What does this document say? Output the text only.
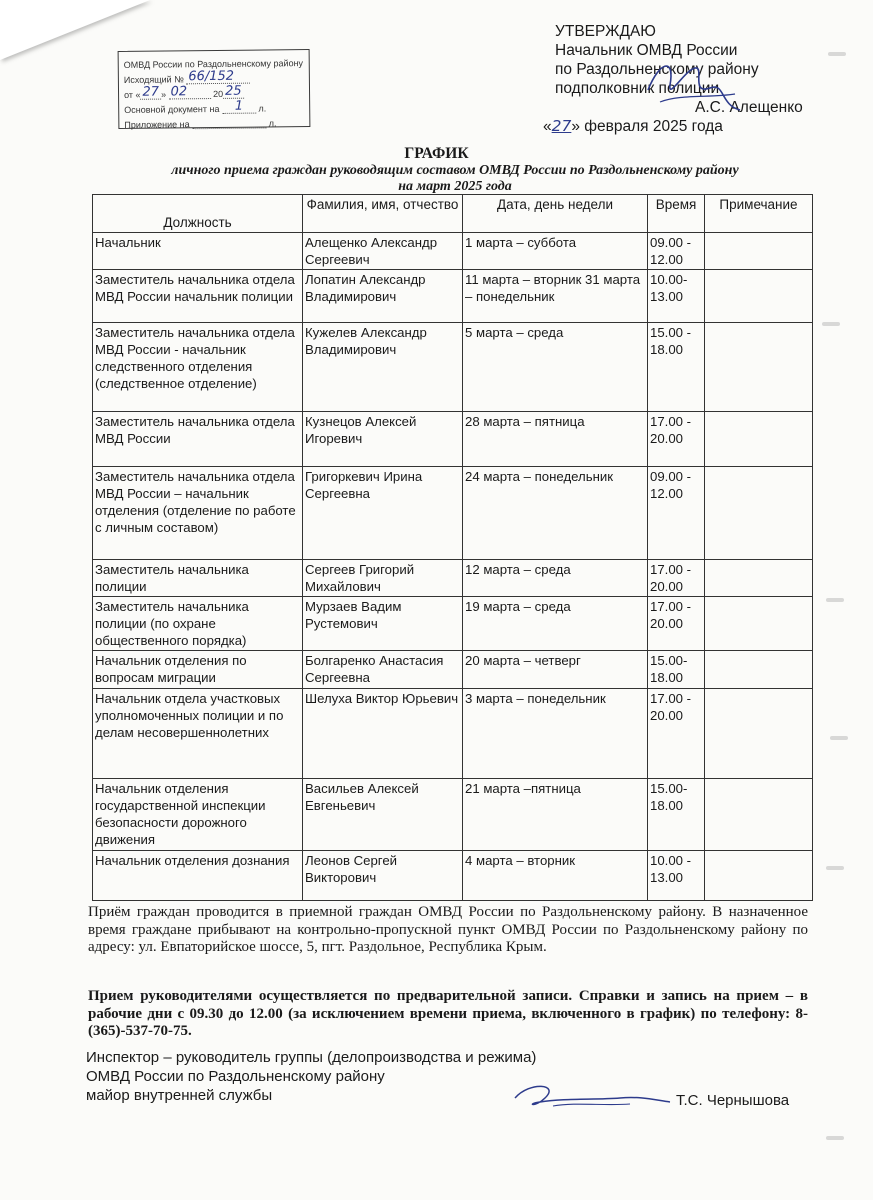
ОМВД России по Раздольненскому району
Исходящий №
66/152
от « 27 »
02
	20 25
Основной документ на
	1
	л.
Приложение на

	л.
УТВЕРЖДАЮ
Начальник ОМВД России
по Раздольненскому району
подполковник полиции
А.С. Алещенко
«27» февраля 2025 года
ГРАФИК
личного приема граждан руководящим составом ОМВД России по Раздольненскому району
на март 2025 года
Должность	Фамилия, имя, отчество	Дата, день недели	Время	Примечание
Начальник	Алещенко Александр Сергеевич	1 марта – суббота	09.00 - 12.00	
Заместитель начальника отдела МВД России начальник полиции	Лопатин Александр Владимирович	11 марта – вторник 31 марта – понедельник	10.00- 13.00	
Заместитель начальника отдела МВД России - начальник следственного отделения (следственное отделение)	Кужелев Александр Владимирович	5 марта – среда	15.00 - 18.00	
Заместитель начальника отдела МВД России	Кузнецов Алексей Игоревич	28 марта – пятница	17.00 - 20.00	
Заместитель начальника отдела МВД России – начальник отделения (отделение по работе с личным составом)	Григоркевич Ирина Сергеевна	24 марта – понедельник	09.00 - 12.00	
Заместитель начальника полиции	Сергеев Григорий Михайлович	12 марта – среда	17.00 - 20.00	
Заместитель начальника полиции (по охране общественного порядка)	Мурзаев Вадим Рустемович	19 марта – среда	17.00 - 20.00	
Начальник отделения по вопросам миграции	Болгаренко Анастасия Сергеевна	20 марта – четверг	15.00- 18.00	
Начальник отдела участковых уполномоченных полиции и по делам несовершеннолетних	Шелуха Виктор Юрьевич	3 марта – понедельник	17.00 - 20.00	
Начальник отделения государственной инспекции безопасности дорожного движения	Васильев Алексей Евгеньевич	21 марта –пятница	15.00- 18.00	
Начальник отделения дознания	Леонов Сергей Викторович	4 марта – вторник	10.00 - 13.00	
Приём граждан проводится в приемной граждан ОМВД России по Раздольненскому району. В назначенное время граждане прибывают на контрольно-пропускной пункт ОМВД России по Раздольненскому району по адресу: ул. Евпаторийское шоссе, 5, пгт. Раздольное, Республика Крым.
Прием руководителями осуществляется по предварительной записи. Справки и запись на прием – в рабочие дни с 09.30 до 12.00 (за исключением времени приема, включенного в график) по телефону: 8-(365)-537-70-75.
Инспектор – руководитель группы (делопроизводства и режима)
ОМВД России по Раздольненскому району
майор внутренней службы	Т.С. Чернышова
